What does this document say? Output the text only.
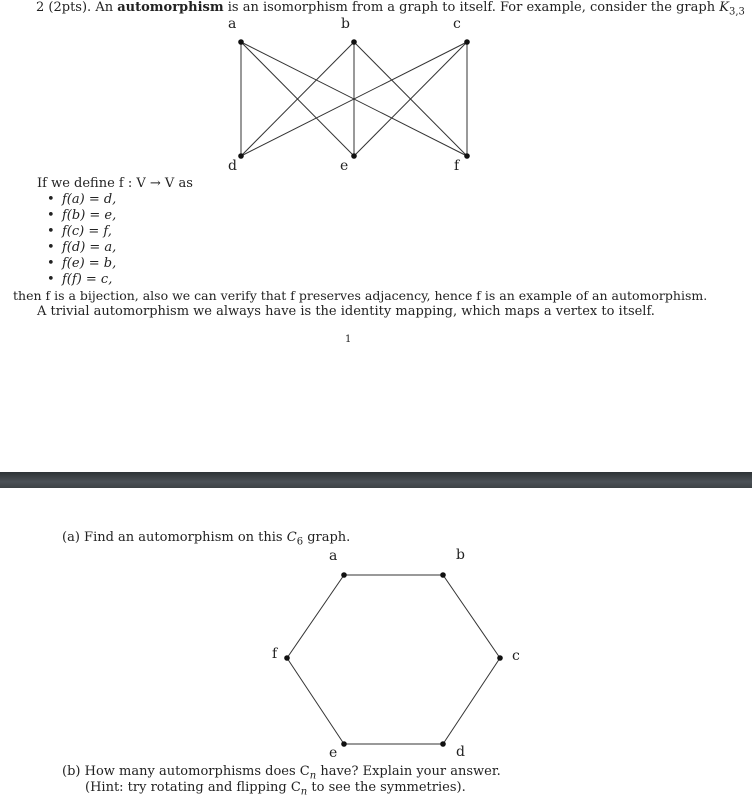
2 (2pts). An automorphism is an isomorphism from a graph to itself. For example, consider the graph $K_{3,3}$
a	b	c
d	e	f
If we define f : V → V as
• f(a) = d,
• f(b) = e,
• f(c) = f,
• f(d) = a,
• f(e) = b,
• f(f) = c,
then f is a bijection, also we can verify that f preserves adjacency, hence f is an example of an automorphism.
A trivial automorphism we always have is the identity mapping, which maps a vertex to itself.
1
(a) Find an automorphism on this $C_6$ graph.
a	b
c
d
e
f
(b) How many automorphisms does $C_n$ have? Explain your answer.
(Hint: try rotating and flipping $C_n$ to see the symmetries).
